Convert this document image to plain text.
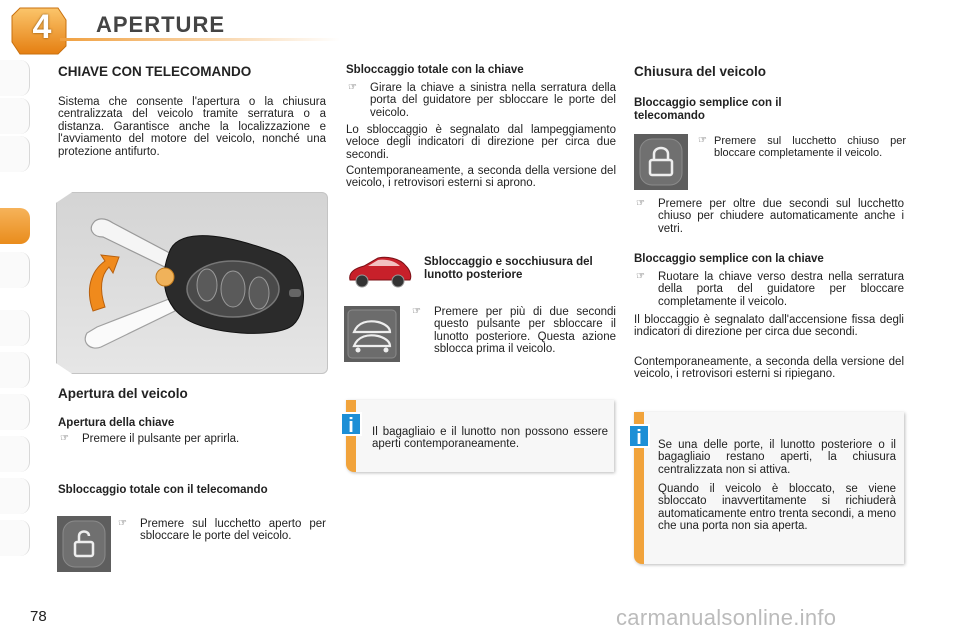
4	APERTURE
CHIAVE CON TELECOMANDO
Sistema che consente l'apertura o la chiusura centralizzata del veicolo tramite serratura o a distanza. Garantisce anche la localizzazione e l'avviamento del motore del veicolo, nonché una protezione antifurto.
Apertura del veicolo
Apertura della chiave
☞ Premere il pulsante per aprirla.
Sbloccaggio totale con il telecomando
☞ Premere sul lucchetto aperto per sbloccare le porte del veicolo.
Sbloccaggio totale con la chiave
☞ Girare la chiave a sinistra nella serratura della porta del guidatore per sbloccare le porte del veicolo.
Lo sbloccaggio è segnalato dal lampeggiamento veloce degli indicatori di direzione per circa due secondi.
Contemporaneamente, a seconda della versione del veicolo, i retrovisori esterni si aprono.
Sbloccaggio e socchiusura del lunotto posteriore
☞ Premere per più di due secondi questo pulsante per sbloccare il lunotto posteriore. Questa azione sblocca prima il veicolo.
i	Il bagagliaio e il lunotto non possono essere aperti contemporaneamente.
Chiusura del veicolo
Bloccaggio semplice con il telecomando
☞ Premere sul lucchetto chiuso per bloccare completamente il veicolo.
☞ Premere per oltre due secondi sul lucchetto chiuso per chiudere automaticamente anche i vetri.
Bloccaggio semplice con la chiave
☞ Ruotare la chiave verso destra nella serratura della porta del guidatore per bloccare completamente il veicolo.
Il bloccaggio è segnalato dall'accensione fissa degli indicatori di direzione per circa due secondi.
Contemporaneamente, a seconda della versione del veicolo, i retrovisori esterni si ripiegano.
i	Se una delle porte, il lunotto posteriore o il bagagliaio restano aperti, la chiusura centralizzata non si attiva.
Quando il veicolo è bloccato, se viene sbloccato inavvertitamente si richiuderà automaticamente entro trenta secondi, a meno che una porta non sia aperta.
78	carmanualsonline.info
